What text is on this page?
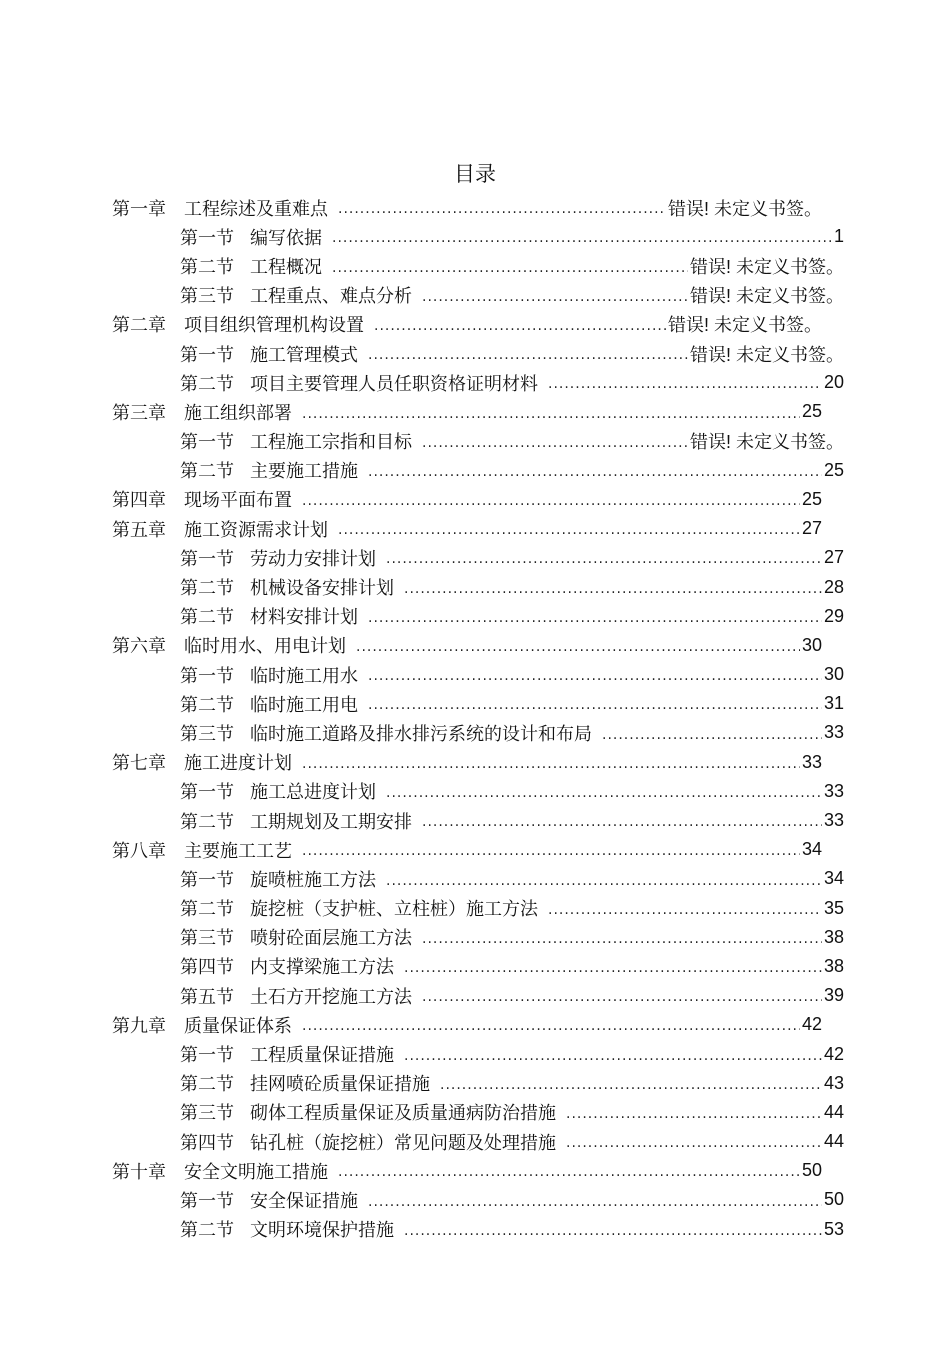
目录
第一章 工程综述及重难点 .....	错误! 未定义书签。
第一节 编写依据 .....	1
第二节 工程概况 .....	错误! 未定义书签。
第三节 工程重点、难点分析 .....	错误! 未定义书签。
第二章 项目组织管理机构设置 .....	错误! 未定义书签。
第一节 施工管理模式 .....	错误! 未定义书签。
第二节 项目主要管理人员任职资格证明材料 .....	20
第三章 施工组织部署 .....	25
第一节 工程施工宗指和目标 .....	错误! 未定义书签。
第二节 主要施工措施 .....	25
第四章 现场平面布置 .....	25
第五章 施工资源需求计划 .....	27
第一节 劳动力安排计划 .....	27
第二节 机械设备安排计划 .....	28
第二节 材料安排计划 .....	29
第六章 临时用水、用电计划 .....	30
第一节 临时施工用水 .....	30
第二节 临时施工用电 .....	31
第三节 临时施工道路及排水排污系统的设计和布局 .....	33
第七章 施工进度计划 .....	33
第一节 施工总进度计划 .....	33
第二节 工期规划及工期安排 .....	33
第八章 主要施工工艺 .....	34
第一节 旋喷桩施工方法 .....	34
第二节 旋挖桩（支护桩、立柱桩）施工方法 .....	35
第三节 喷射砼面层施工方法 .....	38
第四节 内支撑梁施工方法 .....	38
第五节 土石方开挖施工方法 .....	39
第九章 质量保证体系 .....	42
第一节 工程质量保证措施 .....	42
第二节 挂网喷砼质量保证措施 .....	43
第三节 砌体工程质量保证及质量通病防治措施 .....	44
第四节 钻孔桩（旋挖桩）常见问题及处理措施 .....	44
第十章 安全文明施工措施 .....	50
第一节 安全保证措施 .....	50
第二节 文明环境保护措施 .....	53
